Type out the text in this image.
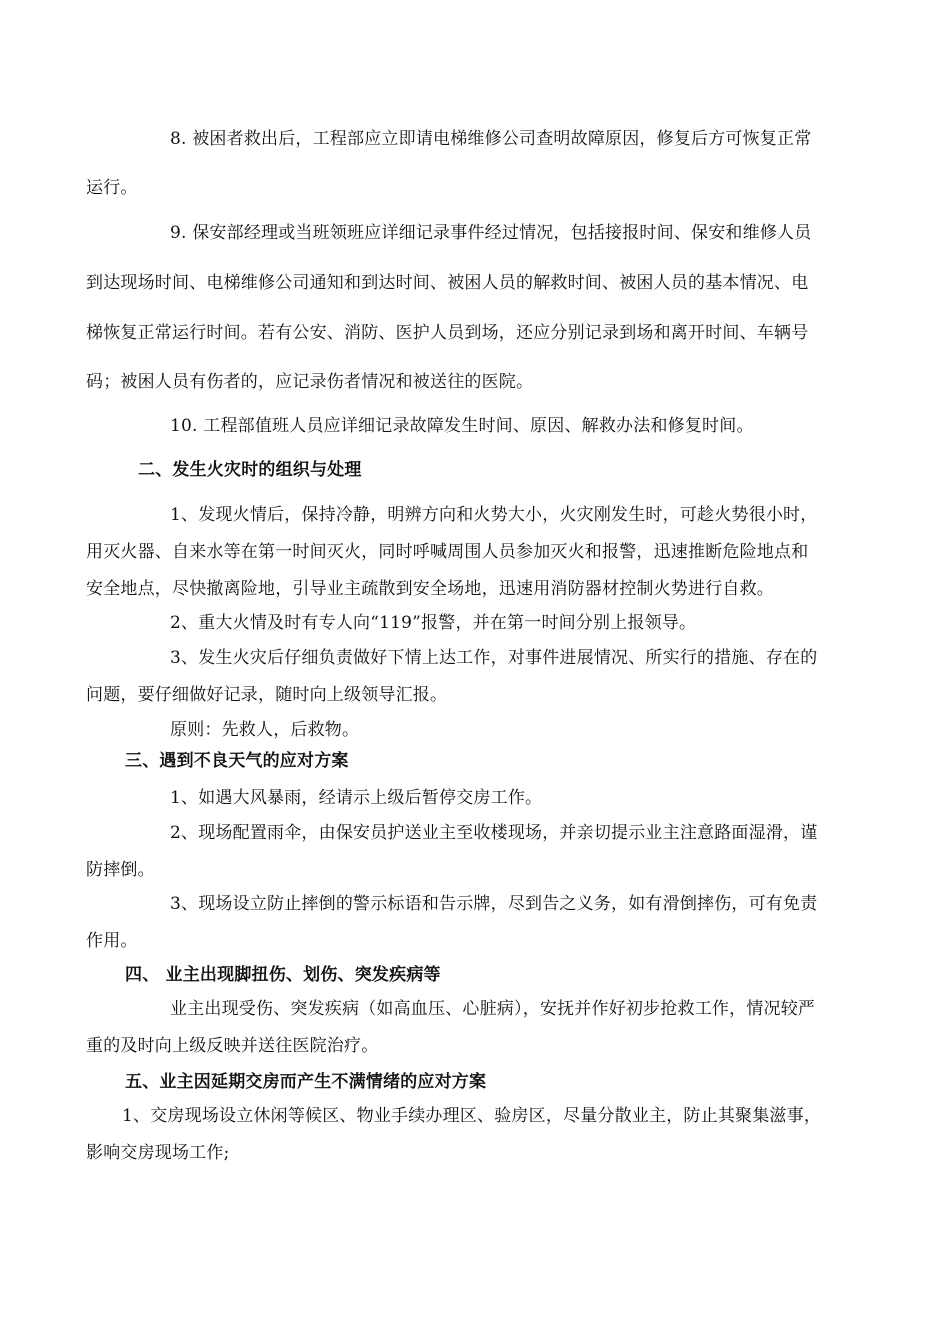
8. 被困者救出后，工程部应立即请电梯维修公司查明故障原因，修复后方可恢复正常
运行。
9. 保安部经理或当班领班应详细记录事件经过情况，包括接报时间、保安和维修人员
到达现场时间、电梯维修公司通知和到达时间、被困人员的解救时间、被困人员的基本情况、电
梯恢复正常运行时间。若有公安、消防、医护人员到场，还应分别记录到场和离开时间、车辆号
码；被困人员有伤者的，应记录伤者情况和被送往的医院。
10. 工程部值班人员应详细记录故障发生时间、原因、解救办法和修复时间。
二、发生火灾时的组织与处理
1、发现火情后，保持冷静，明辨方向和火势大小，火灾刚发生时，可趁火势很小时，
用灭火器、自来水等在第一时间灭火，同时呼喊周围人员参加灭火和报警，迅速推断危险地点和
安全地点，尽快撤离险地，引导业主疏散到安全场地，迅速用消防器材控制火势进行自救。
2、重大火情及时有专人向“119”报警，并在第一时间分别上报领导。
3、发生火灾后仔细负责做好下情上达工作，对事件进展情况、所实行的措施、存在的
问题，要仔细做好记录，随时向上级领导汇报。
原则：先救人，后救物。
三、遇到不良天气的应对方案
1、如遇大风暴雨，经请示上级后暂停交房工作。
2、现场配置雨伞，由保安员护送业主至收楼现场，并亲切提示业主注意路面湿滑，谨
防摔倒。
3、现场设立防止摔倒的警示标语和告示牌，尽到告之义务，如有滑倒摔伤，可有免责
作用。
四、 业主出现脚扭伤、划伤、突发疾病等
业主出现受伤、突发疾病（如高血压、心脏病），安抚并作好初步抢救工作，情况较严
重的及时向上级反映并送往医院治疗。
五、业主因延期交房而产生不满情绪的应对方案
1、交房现场设立休闲等候区、物业手续办理区、验房区，尽量分散业主，防止其聚集滋事，
影响交房现场工作;
